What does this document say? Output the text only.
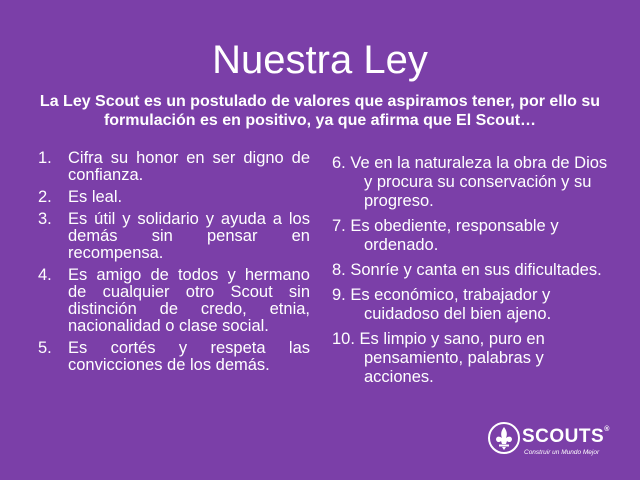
Nuestra Ley
La Ley Scout es un postulado de valores que aspiramos tener, por ello su formulación es en positivo, ya que afirma que El Scout…
1. Cifra su honor en ser digno de confianza.
2. Es leal.
3. Es útil y solidario y ayuda a los demás sin pensar en recompensa.
4. Es amigo de todos y hermano de cualquier otro Scout sin distinción de credo, etnia, nacionalidad o clase social.
5. Es cortés y respeta las convicciones de los demás.
6. Ve en la naturaleza la obra de Dios y procura su conservación y su progreso.
7. Es obediente, responsable y ordenado.
8. Sonríe y canta en sus dificultades.
9. Es económico, trabajador y cuidadoso del bien ajeno.
10. Es limpio y sano, puro en pensamiento, palabras y acciones.
SCOUTS®
Construir un Mundo Mejor
